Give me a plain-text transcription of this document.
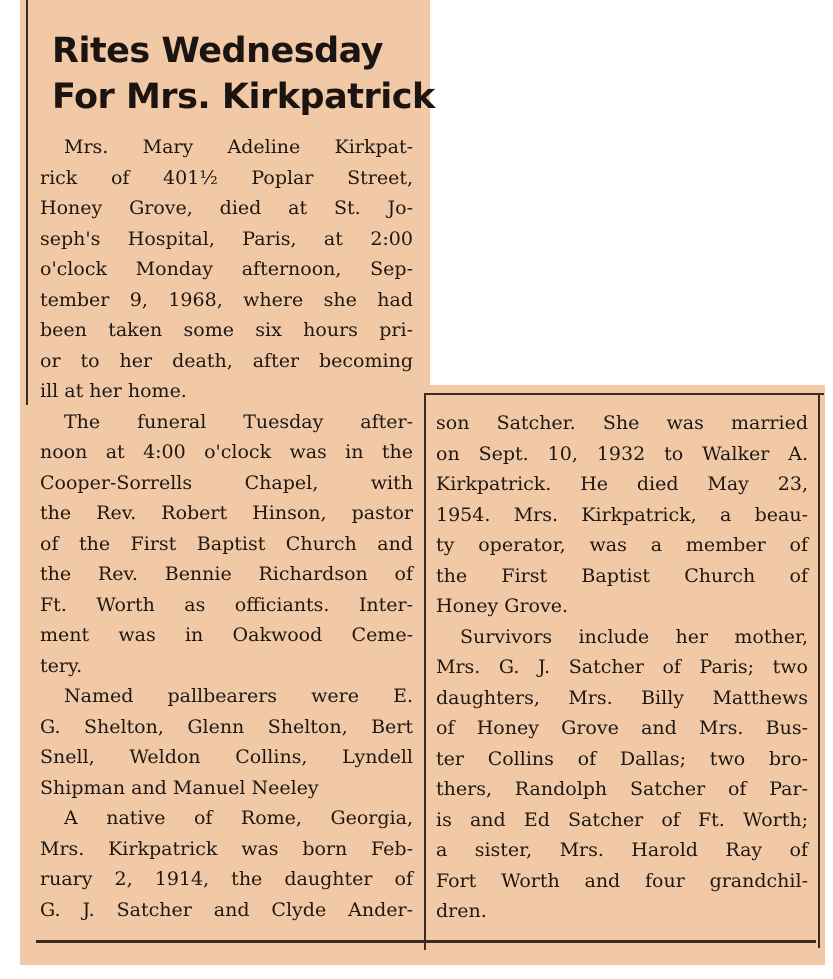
Rites Wednesday
For Mrs. Kirkpatrick
Mrs. Mary Adeline Kirkpat-
rick of 401½ Poplar Street,
Honey Grove, died at St. Jo-
seph's Hospital, Paris, at 2:00
o'clock Monday afternoon, Sep-
tember 9, 1968, where she had
been taken some six hours pri-
or to her death, after becoming
ill at her home.
The funeral Tuesday after-
noon at 4:00 o'clock was in the
Cooper-Sorrells Chapel, with
the Rev. Robert Hinson, pastor
of the First Baptist Church and
the Rev. Bennie Richardson of
Ft. Worth as officiants. Inter-
ment was in Oakwood Ceme-
tery.
Named pallbearers were E.
G. Shelton, Glenn Shelton, Bert
Snell, Weldon Collins, Lyndell
Shipman and Manuel Neeley
A native of Rome, Georgia,
Mrs. Kirkpatrick was born Feb-
ruary 2, 1914, the daughter of
G. J. Satcher and Clyde Ander-
son Satcher. She was married
on Sept. 10, 1932 to Walker A.
Kirkpatrick. He died May 23,
1954. Mrs. Kirkpatrick, a beau-
ty operator, was a member of
the First Baptist Church of
Honey Grove.
Survivors include her mother,
Mrs. G. J. Satcher of Paris; two
daughters, Mrs. Billy Matthews
of Honey Grove and Mrs. Bus-
ter Collins of Dallas; two bro-
thers, Randolph Satcher of Par-
is and Ed Satcher of Ft. Worth;
a sister, Mrs. Harold Ray of
Fort Worth and four grandchil-
dren.
